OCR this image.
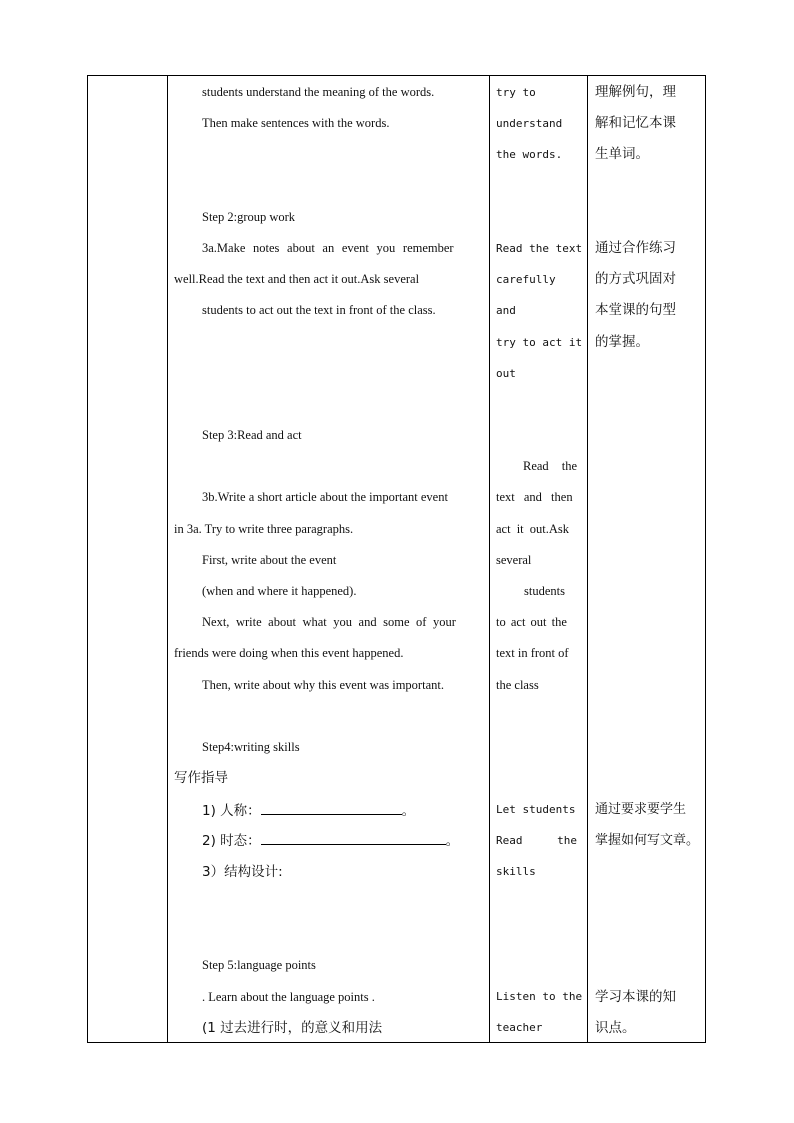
students understand the meaning of the words.
Then make sentences with the words.
Step 2:group work
3a.Make notes about an event you remember
well.Read the text and then act it out.Ask several
students to act out the text in front of the class.
Step 3:Read and act
3b.Write a short article about the important event
in 3a. Try to write three paragraphs.
First, write about the event
(when and where it happened).
Next, write about what you and some of your
friends were doing when this event happened.
Then, write about why this event was important.
Step4:writing skills
写作指导
1) 人称：	。
2) 时态：	。
3）结构设计:
Step 5:language points
. Learn about the language points .
(1 过去进行时，的意义和用法
try to
understand
the words.
Read the text
carefully
and
try to act it
out
Read the
text and then
act it out.Ask
several
students
to act out the
text in front of
the class
Let students
Read the
skills
Listen to the
teacher
理解例句，理
解和记忆本课
生单词。
通过合作练习
的方式巩固对
本堂课的句型
的掌握。
通过要求要学生
掌握如何写文章。
学习本课的知
识点。
